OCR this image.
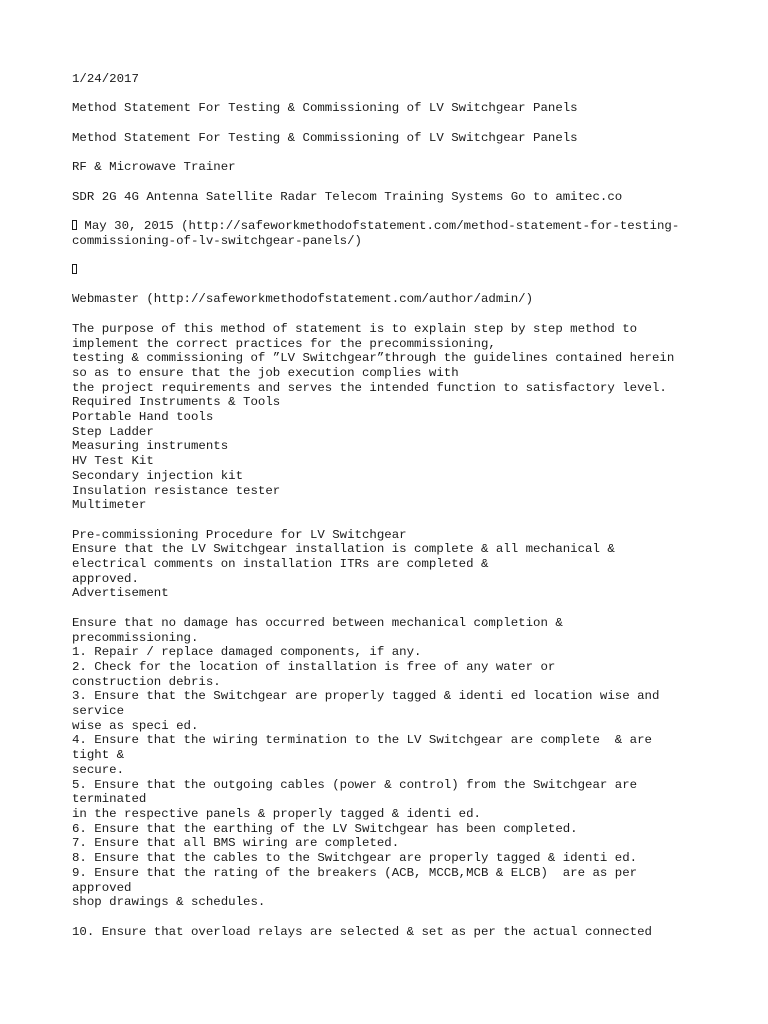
1/24/2017
Method Statement For Testing & Commissioning of LV Switchgear Panels
Method Statement For Testing & Commissioning of LV Switchgear Panels
RF & Microwave Trainer
SDR 2G 4G Antenna Satellite Radar Telecom Training Systems Go to amitec.co
May 30, 2015 (http://safeworkmethodofstatement.com/method-statement-for-testing-
commissioning-of-lv-switchgear-panels/)
Webmaster (http://safeworkmethodofstatement.com/author/admin/)
The purpose of this method of statement is to explain step by step method to
implement the correct practices for the precommissioning,
testing & commissioning of ”LV Switchgear”through the guidelines contained herein
so as to ensure that the job execution complies with
the project requirements and serves the intended function to satisfactory level.
Required Instruments & Tools
Portable Hand tools
Step Ladder
Measuring instruments
HV Test Kit
Secondary injection kit
Insulation resistance tester
Multimeter
Pre-commissioning Procedure for LV Switchgear
Ensure that the LV Switchgear installation is complete & all mechanical &
electrical comments on installation ITRs are completed &
approved.
Advertisement
Ensure that no damage has occurred between mechanical completion &
precommissioning.
1. Repair / replace damaged components, if any.
2. Check for the location of installation is free of any water or
construction debris.
3. Ensure that the Switchgear are properly tagged & identi ed location wise and
service
wise as speci ed.
4. Ensure that the wiring termination to the LV Switchgear are complete  & are
tight &
secure.
5. Ensure that the outgoing cables (power & control) from the Switchgear are
terminated
in the respective panels & properly tagged & identi ed.
6. Ensure that the earthing of the LV Switchgear has been completed.
7. Ensure that all BMS wiring are completed.
8. Ensure that the cables to the Switchgear are properly tagged & identi ed.
9. Ensure that the rating of the breakers (ACB, MCCB,MCB & ELCB)  are as per
approved
shop drawings & schedules.
10. Ensure that overload relays are selected & set as per the actual connected
